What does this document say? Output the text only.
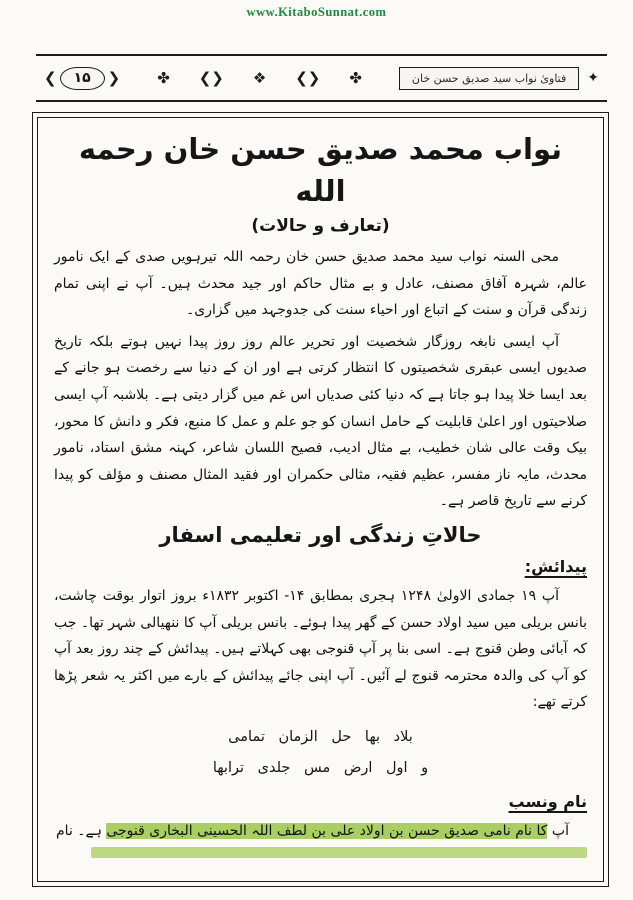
www.KitaboSunnat.com
❮	۱۵	❯ ✤ ❮❯ ❖ ❮❯ ✤	فتاویٰ نواب سید صدیق حسن خان	✦
نواب محمد صدیق حسن خان رحمه الله
(تعارف و حالات)

محی السنہ نواب سید محمد صدیق حسن خان رحمہ اللہ تیرہویں صدی کے ایک نامور عالم، شہرہ آفاق مصنف، عادل و بے مثال حاکم اور جید محدث ہیں۔ آپ نے اپنی تمام زندگی قرآن و سنت کے اتباع اور احیاء سنت کی جدوجہد میں گزاری۔

آپ ایسی نابغہ روزگار شخصیت اور تحریر عالم روز روز پیدا نہیں ہوتے بلکہ تاریخ صدیوں ایسی عبقری شخصیتوں کا انتظار کرتی ہے اور ان کے دنیا سے رخصت ہو جانے کے بعد ایسا خلا پیدا ہو جاتا ہے کہ دنیا کئی صدیاں اس غم میں گزار دیتی ہے۔ بلاشبہ آپ ایسی صلاحیتوں اور اعلیٰ قابلیت کے حامل انسان کو جو علم و عمل کا منبع، فکر و دانش کا محور، بیک وقت عالی شان خطیب، بے مثال ادیب، فصیح اللسان شاعر، کہنہ مشق استاد، نامور محدث، مایہ ناز مفسر، عظیم فقیہ، مثالی حکمران اور فقید المثال مصنف و مؤلف کو پیدا کرنے سے تاریخ قاصر ہے۔

حالاتِ زندگی اور تعلیمی اسفار
پیدائش:

آپ ۱۹ جمادی الاولیٰ ۱۲۴۸ ہجری بمطابق ۱۴- اکتوبر ۱۸۳۲ء بروز اتوار بوقت چاشت، بانس بریلی میں سید اولاد حسن کے گھر پیدا ہوئے۔ بانس بریلی آپ کا ننھیالی شہر تھا۔ جب کہ آبائی وطن قنوج ہے۔ اسی بنا پر آپ قنوجی بھی کہلاتے ہیں۔ پیدائش کے چند روز بعد آپ کو آپ کی والدہ محترمہ قنوج لے آئیں۔ آپ اپنی جائے پیدائش کے بارے میں اکثر یہ شعر پڑھا کرتے تھے:

بلاد بها حل الزمان تمامی
و اول ارض مس جلدی ترابها
نام ونسب

آپ کا نام نامی صدیق حسن بن اولاد علی بن لطف اللہ الحسینی البخاری قنوجی ہے۔ نام
